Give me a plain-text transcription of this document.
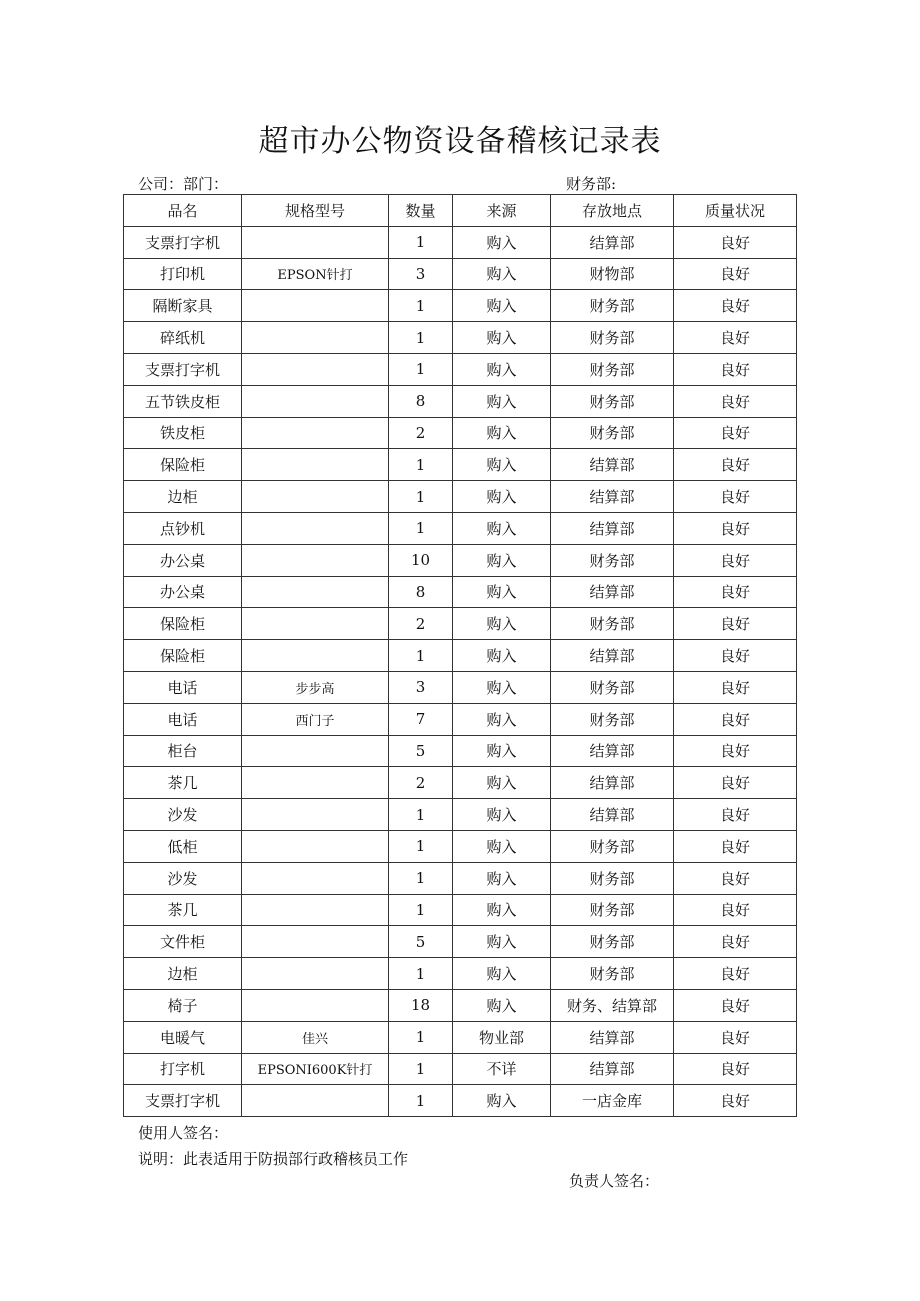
超市办公物资设备稽核记录表
公司：部门：	财务部:
品名	规格型号	数量	来源	存放地点	质量状况
支票打字机		1	购入	结算部	良好
打印机	EPSON针打	3	购入	财物部	良好
隔断家具		1	购入	财务部	良好
碎纸机		1	购入	财务部	良好
支票打字机		1	购入	财务部	良好
五节铁皮柜		8	购入	财务部	良好
铁皮柜		2	购入	财务部	良好
保险柜		1	购入	结算部	良好
边柜		1	购入	结算部	良好
点钞机		1	购入	结算部	良好
办公桌		10	购入	财务部	良好
办公桌		8	购入	结算部	良好
保险柜		2	购入	财务部	良好
保险柜		1	购入	结算部	良好
电话	步步高	3	购入	财务部	良好
电话	西门子	7	购入	财务部	良好
柜台		5	购入	结算部	良好
茶几		2	购入	结算部	良好
沙发		1	购入	结算部	良好
低柜		1	购入	财务部	良好
沙发		1	购入	财务部	良好
茶几		1	购入	财务部	良好
文件柜		5	购入	财务部	良好
边柜		1	购入	财务部	良好
椅子		18	购入	财务、结算部	良好
电暖气	佳兴	1	物业部	结算部	良好
打字机	EPSONI600K针打	1	不详	结算部	良好
支票打字机		1	购入	一店金库	良好
使用人签名：
说明：此表适用于防损部行政稽核员工作
负责人签名：
